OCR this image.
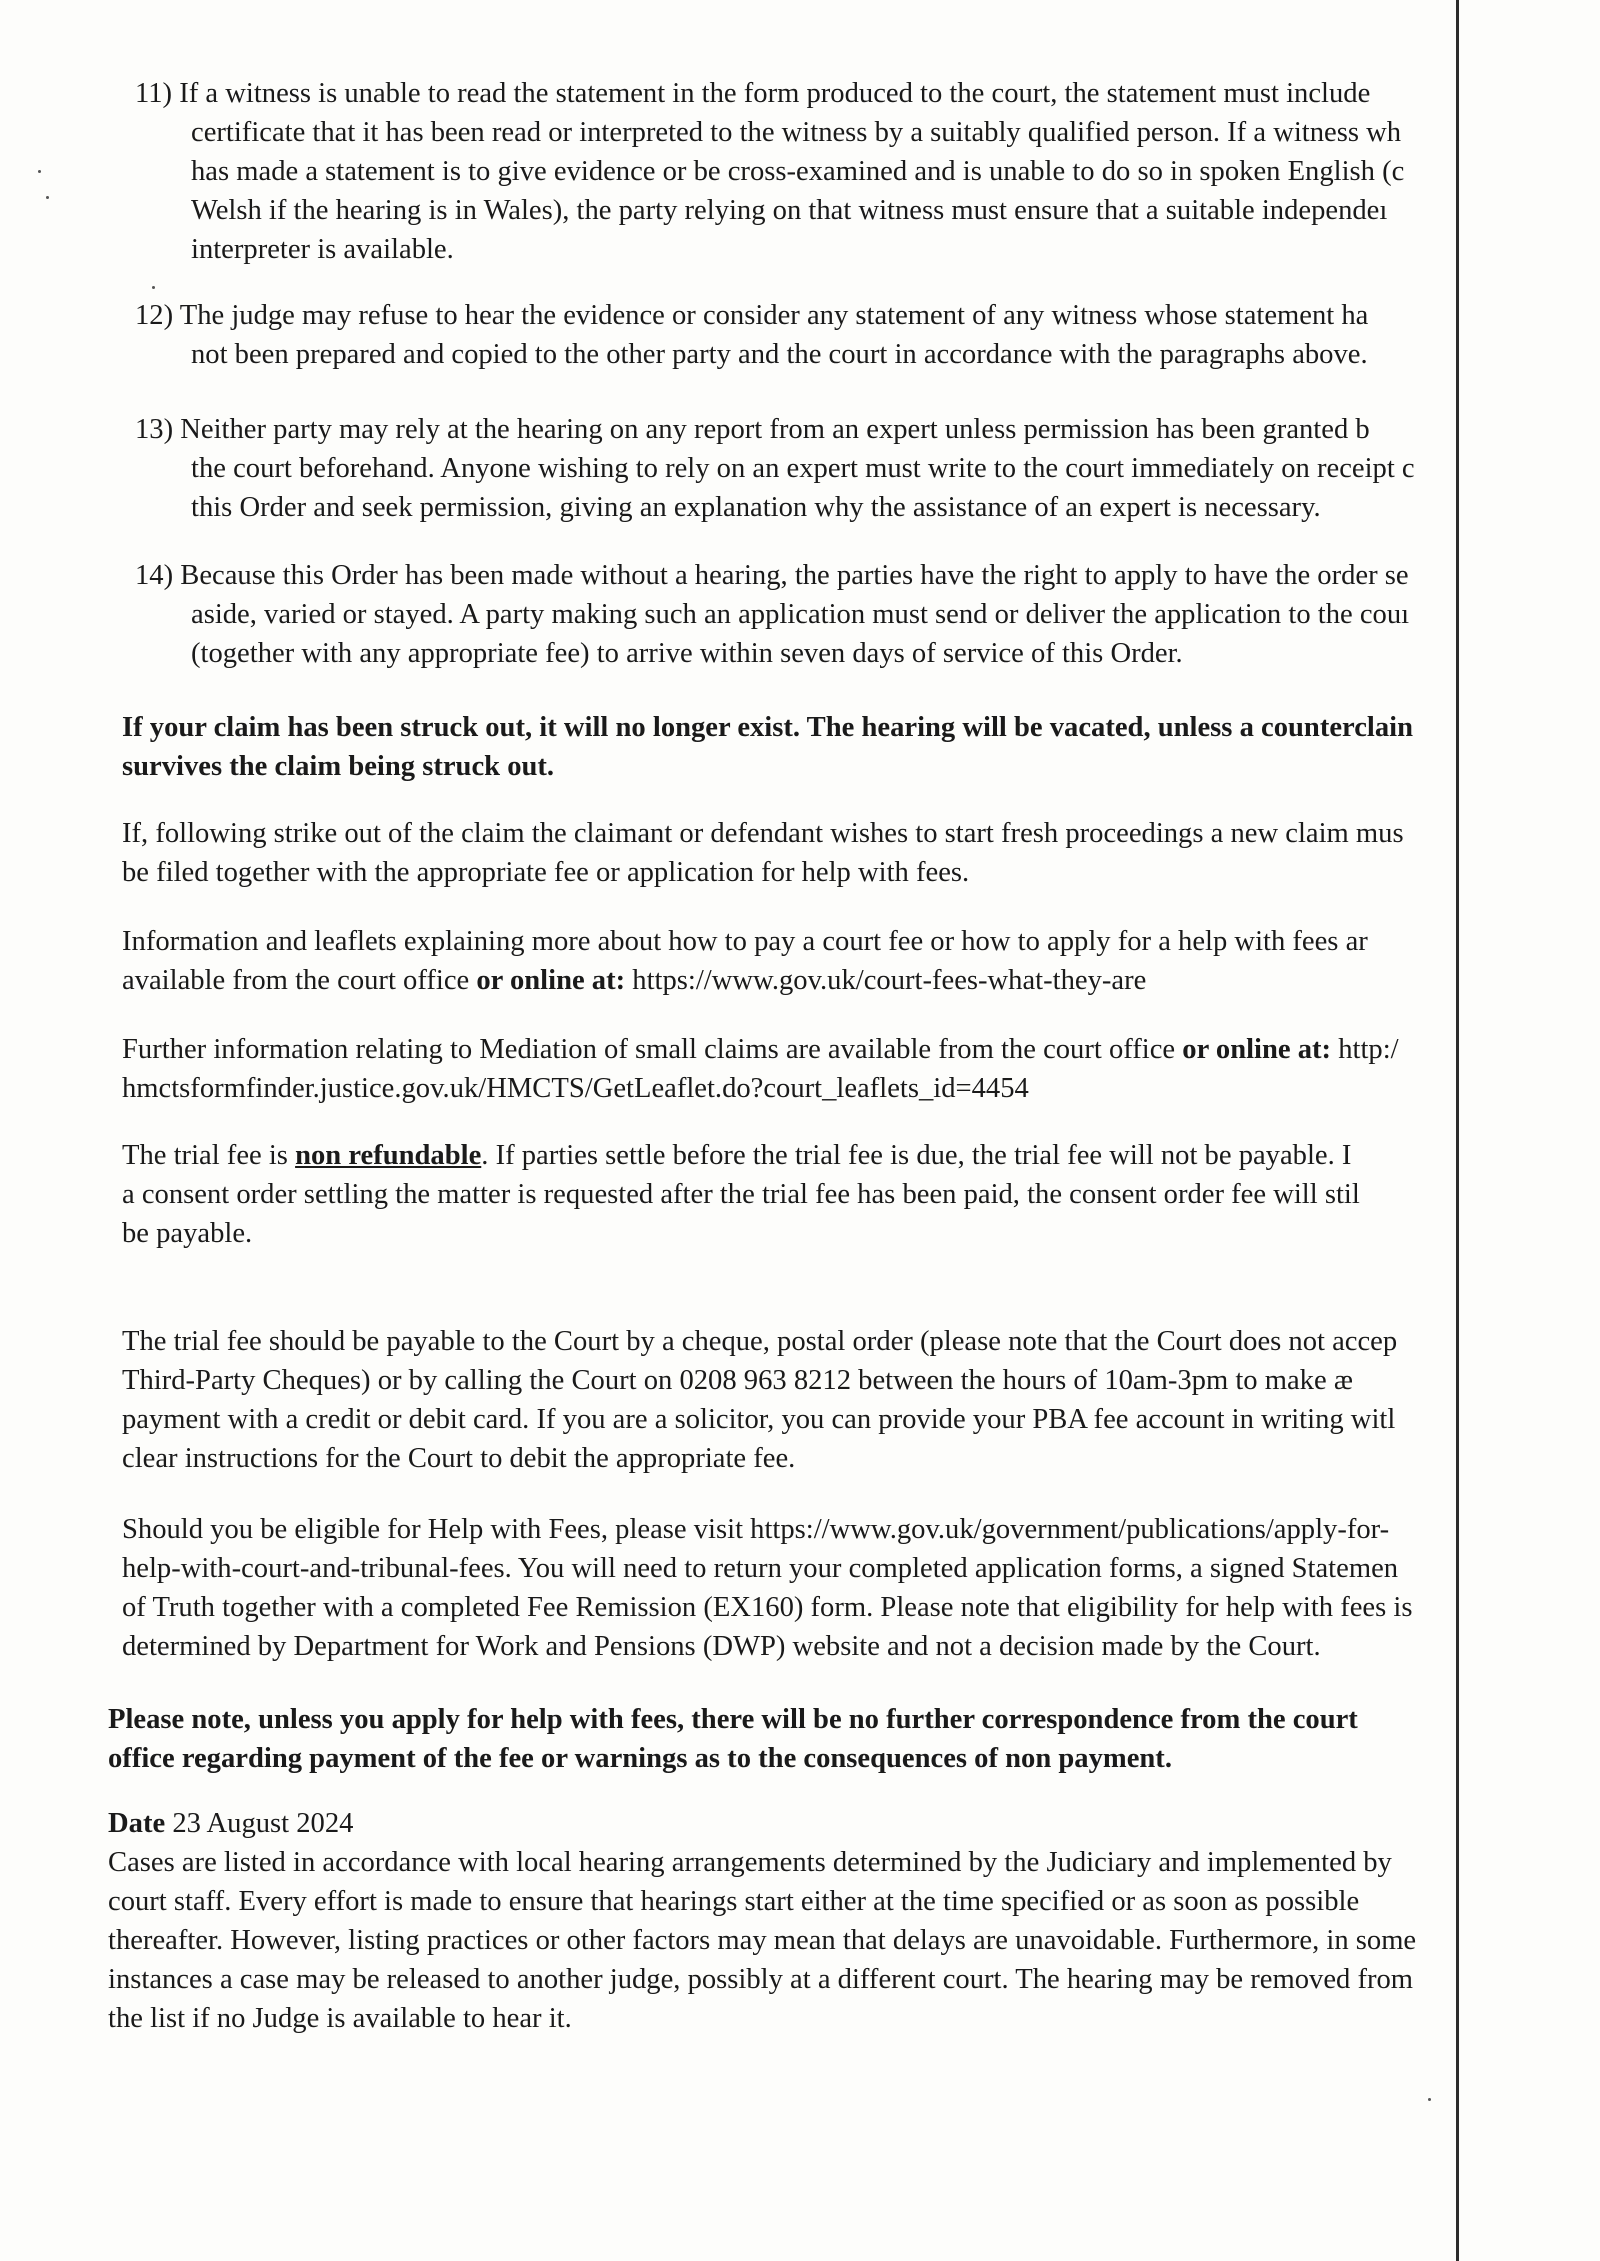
11) If a witness is unable to read the statement in the form produced to the court, the statement must include
certificate that it has been read or interpreted to the witness by a suitably qualified person. If a witness wh
has made a statement is to give evidence or be cross-examined and is unable to do so in spoken English (c
Welsh if the hearing is in Wales), the party relying on that witness must ensure that a suitable independeı
interpreter is available.
12) The judge may refuse to hear the evidence or consider any statement of any witness whose statement ha
not been prepared and copied to the other party and the court in accordance with the paragraphs above.
13) Neither party may rely at the hearing on any report from an expert unless permission has been granted b
the court beforehand. Anyone wishing to rely on an expert must write to the court immediately on receipt c
this Order and seek permission, giving an explanation why the assistance of an expert is necessary.
14) Because this Order has been made without a hearing, the parties have the right to apply to have the order se
aside, varied or stayed. A party making such an application must send or deliver the application to the couı
(together with any appropriate fee) to arrive within seven days of service of this Order.
If your claim has been struck out, it will no longer exist. The hearing will be vacated, unless a counterclain
survives the claim being struck out.
If, following strike out of the claim the claimant or defendant wishes to start fresh proceedings a new claim mus
be filed together with the appropriate fee or application for help with fees.
Information and leaflets explaining more about how to pay a court fee or how to apply for a help with fees ar
available from the court office or online at: https://www.gov.uk/court-fees-what-they-are
Further information relating to Mediation of small claims are available from the court office or online at: http:/
hmctsformfinder.justice.gov.uk/HMCTS/GetLeaflet.do?court_leaflets_id=4454
The trial fee is non refundable. If parties settle before the trial fee is due, the trial fee will not be payable. I
a consent order settling the matter is requested after the trial fee has been paid, the consent order fee will stil
be payable.
The trial fee should be payable to the Court by a cheque, postal order (please note that the Court does not accep
Third-Party Cheques) or by calling the Court on 0208 963 8212 between the hours of 10am-3pm to make æ
payment with a credit or debit card. If you are a solicitor, you can provide your PBA fee account in writing witl
clear instructions for the Court to debit the appropriate fee.
Should you be eligible for Help with Fees, please visit https://www.gov.uk/government/publications/apply-for-
help-with-court-and-tribunal-fees. You will need to return your completed application forms, a signed Statemen
of Truth together with a completed Fee Remission (EX160) form. Please note that eligibility for help with fees is
determined by Department for Work and Pensions (DWP) website and not a decision made by the Court.
Please note, unless you apply for help with fees, there will be no further correspondence from the court
office regarding payment of the fee or warnings as to the consequences of non payment.
Date 23 August 2024
Cases are listed in accordance with local hearing arrangements determined by the Judiciary and implemented by
court staff. Every effort is made to ensure that hearings start either at the time specified or as soon as possible
thereafter. However, listing practices or other factors may mean that delays are unavoidable. Furthermore, in some
instances a case may be released to another judge, possibly at a different court. The hearing may be removed from
the list if no Judge is available to hear it.
